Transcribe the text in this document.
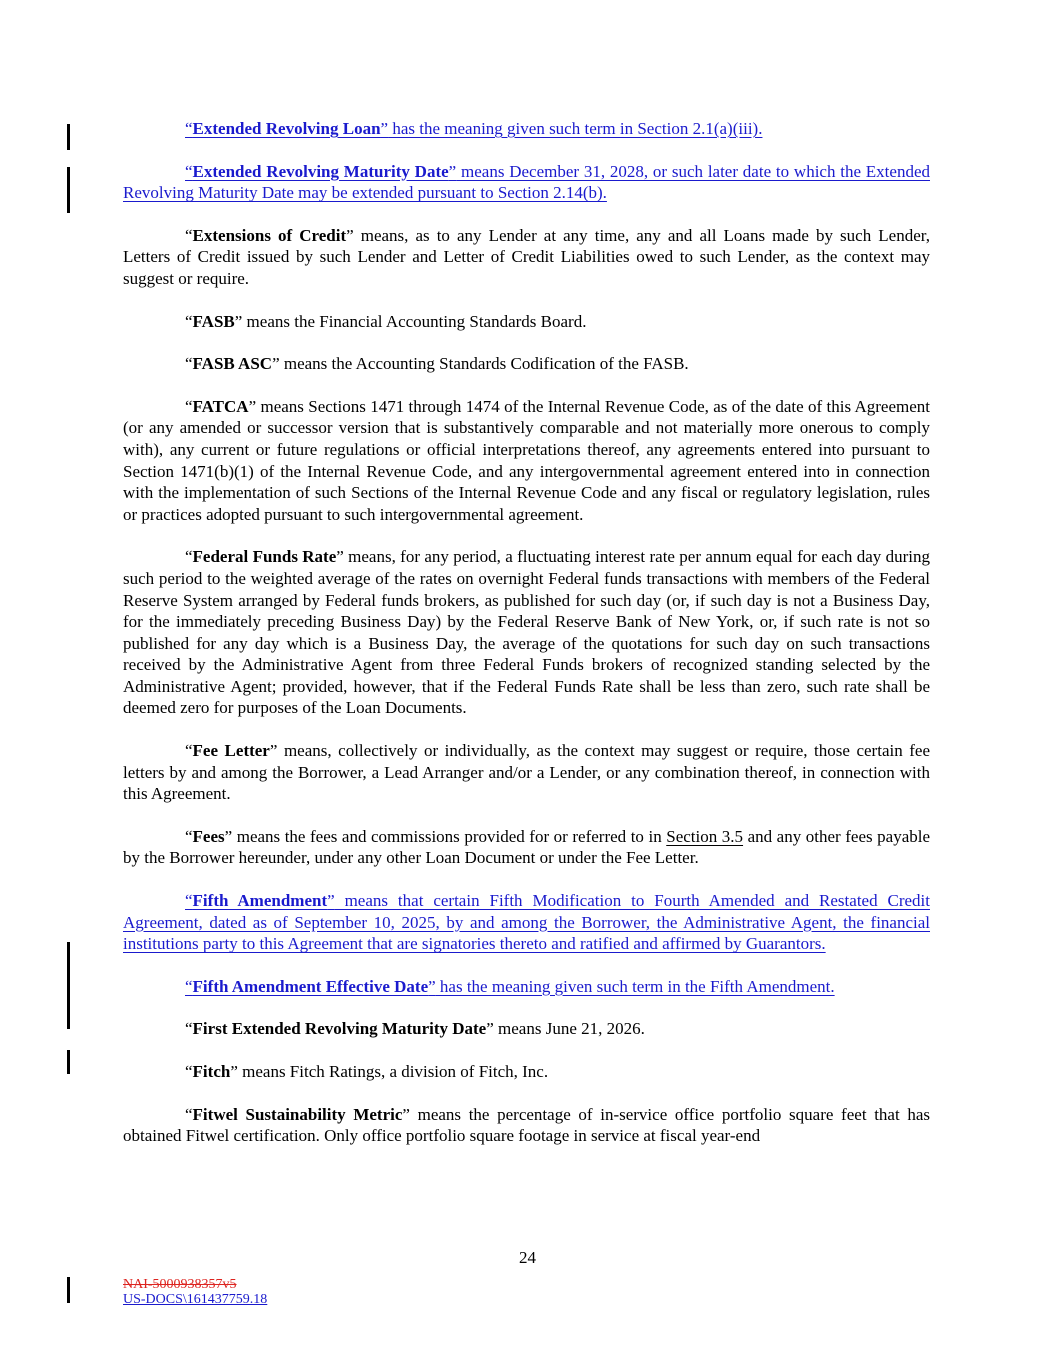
“Extended Revolving Loan” has the meaning given such term in Section 2.1(a)(iii).

“Extended Revolving Maturity Date” means December 31, 2028, or such later date to which the Extended Revolving Maturity Date may be extended pursuant to Section 2.14(b).

“Extensions of Credit” means, as to any Lender at any time, any and all Loans made by such Lender, Letters of Credit issued by such Lender and Letter of Credit Liabilities owed to such Lender, as the context may suggest or require.

“FASB” means the Financial Accounting Standards Board.

“FASB ASC” means the Accounting Standards Codification of the FASB.

“FATCA” means Sections 1471 through 1474 of the Internal Revenue Code, as of the date of this Agreement (or any amended or successor version that is substantively comparable and not materially more onerous to comply with), any current or future regulations or official interpretations thereof, any agreements entered into pursuant to Section 1471(b)(1) of the Internal Revenue Code, and any intergovernmental agreement entered into in connection with the implementation of such Sections of the Internal Revenue Code and any fiscal or regulatory legislation, rules or practices adopted pursuant to such intergovernmental agreement.

“Federal Funds Rate” means, for any period, a fluctuating interest rate per annum equal for each day during such period to the weighted average of the rates on overnight Federal funds transactions with members of the Federal Reserve System arranged by Federal funds brokers, as published for such day (or, if such day is not a Business Day, for the immediately preceding Business Day) by the Federal Reserve Bank of New York, or, if such rate is not so published for any day which is a Business Day, the average of the quotations for such day on such transactions received by the Administrative Agent from three Federal Funds brokers of recognized standing selected by the Administrative Agent; provided, however, that if the Federal Funds Rate shall be less than zero, such rate shall be deemed zero for purposes of the Loan Documents.

“Fee Letter” means, collectively or individually, as the context may suggest or require, those certain fee letters by and among the Borrower, a Lead Arranger and/or a Lender, or any combination thereof, in connection with this Agreement.

“Fees” means the fees and commissions provided for or referred to in Section 3.5 and any other fees payable by the Borrower hereunder, under any other Loan Document or under the Fee Letter.

“Fifth Amendment” means that certain Fifth Modification to Fourth Amended and Restated Credit Agreement, dated as of September 10, 2025, by and among the Borrower, the Administrative Agent, the financial institutions party to this Agreement that are signatories thereto and ratified and affirmed by Guarantors.

“Fifth Amendment Effective Date” has the meaning given such term in the Fifth Amendment.

“First Extended Revolving Maturity Date” means June 21, 2026.

“Fitch” means Fitch Ratings, a division of Fitch, Inc.

“Fitwel Sustainability Metric” means the percentage of in-service office portfolio square feet that has obtained Fitwel certification. Only office portfolio square footage in service at fiscal year-end

24
NAI-5000938357v5
US-DOCS\161437759.18
